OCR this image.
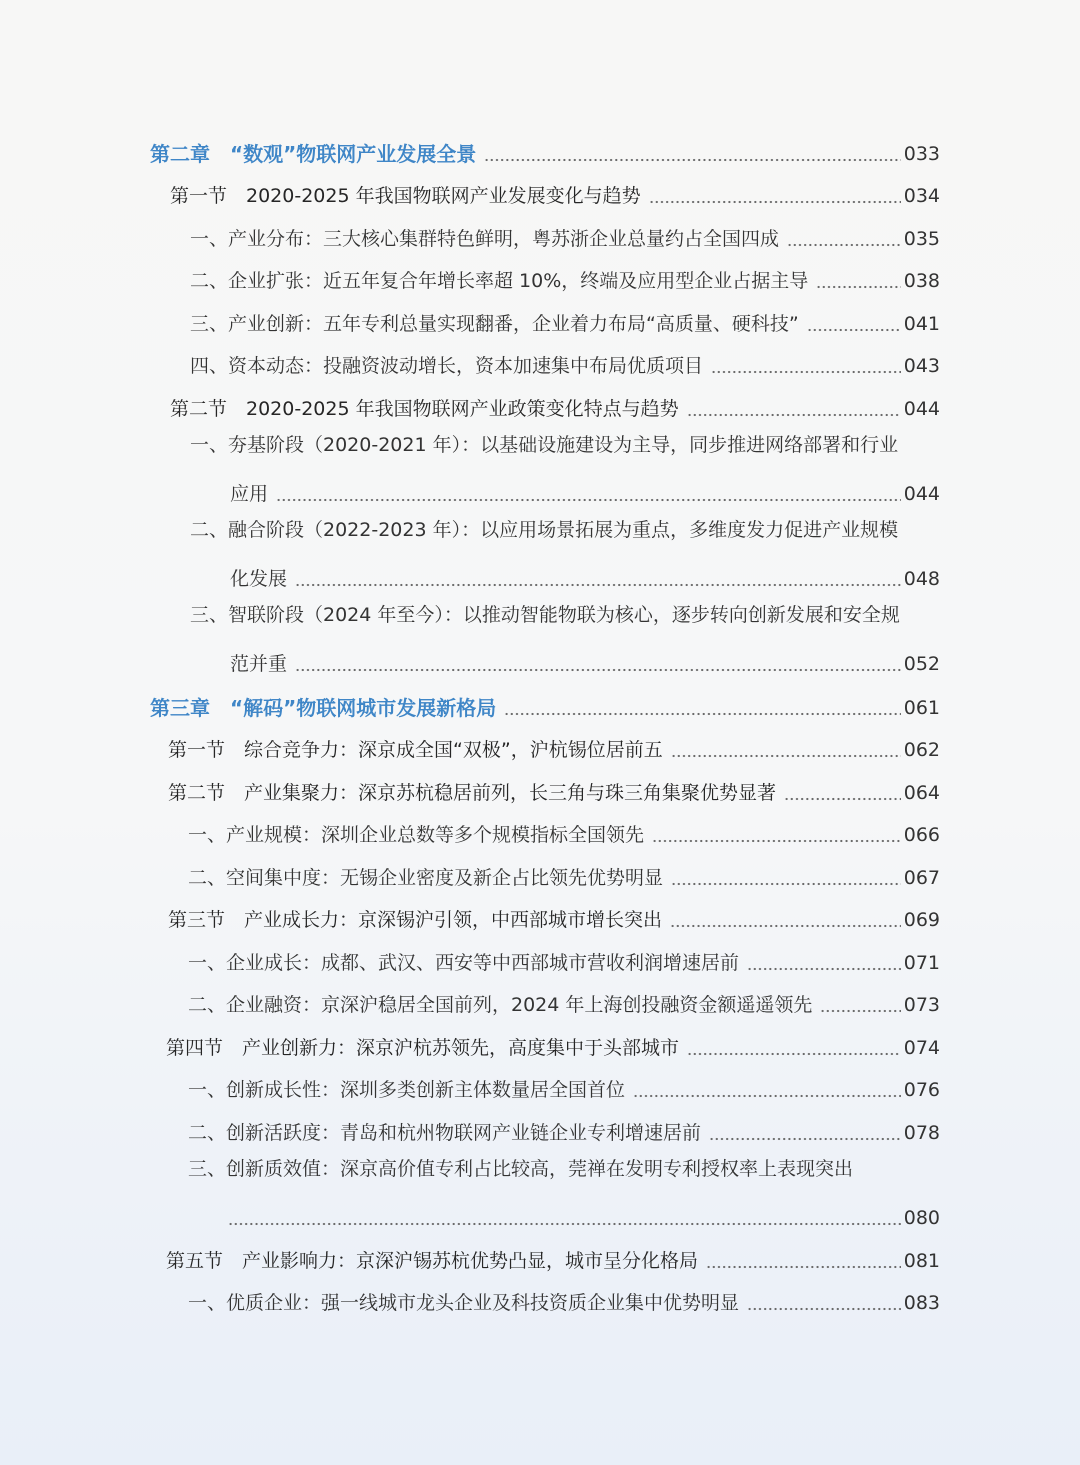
第二章　“数观”物联网产业发展全景	033
第一节　2020-2025 年我国物联网产业发展变化与趋势	034
一、产业分布：三大核心集群特色鲜明，粤苏浙企业总量约占全国四成	035
二、企业扩张：近五年复合年增长率超 10%，终端及应用型企业占据主导	038
三、产业创新：五年专利总量实现翻番，企业着力布局“高质量、硬科技”	041
四、资本动态：投融资波动增长，资本加速集中布局优质项目	043
第二节　2020-2025 年我国物联网产业政策变化特点与趋势	044
一、夯基阶段（2020-2021 年）：以基础设施建设为主导，同步推进网络部署和行业
应用	044
二、融合阶段（2022-2023 年）：以应用场景拓展为重点，多维度发力促进产业规模
化发展	048
三、智联阶段（2024 年至今）：以推动智能物联为核心，逐步转向创新发展和安全规
范并重	052
第三章　“解码”物联网城市发展新格局	061
第一节　综合竞争力：深京成全国“双极”，沪杭锡位居前五	062
第二节　产业集聚力：深京苏杭稳居前列，长三角与珠三角集聚优势显著	064
一、产业规模：深圳企业总数等多个规模指标全国领先	066
二、空间集中度：无锡企业密度及新企占比领先优势明显	067
第三节　产业成长力：京深锡沪引领，中西部城市增长突出	069
一、企业成长：成都、武汉、西安等中西部城市营收利润增速居前	071
二、企业融资：京深沪稳居全国前列，2024 年上海创投融资金额遥遥领先	073
第四节　产业创新力：深京沪杭苏领先，高度集中于头部城市	074
一、创新成长性：深圳多类创新主体数量居全国首位	076
二、创新活跃度：青岛和杭州物联网产业链企业专利增速居前	078
三、创新质效值：深京高价值专利占比较高，莞禅在发明专利授权率上表现突出
080
第五节　产业影响力：京深沪锡苏杭优势凸显，城市呈分化格局	081
一、优质企业：强一线城市龙头企业及科技资质企业集中优势明显	083
